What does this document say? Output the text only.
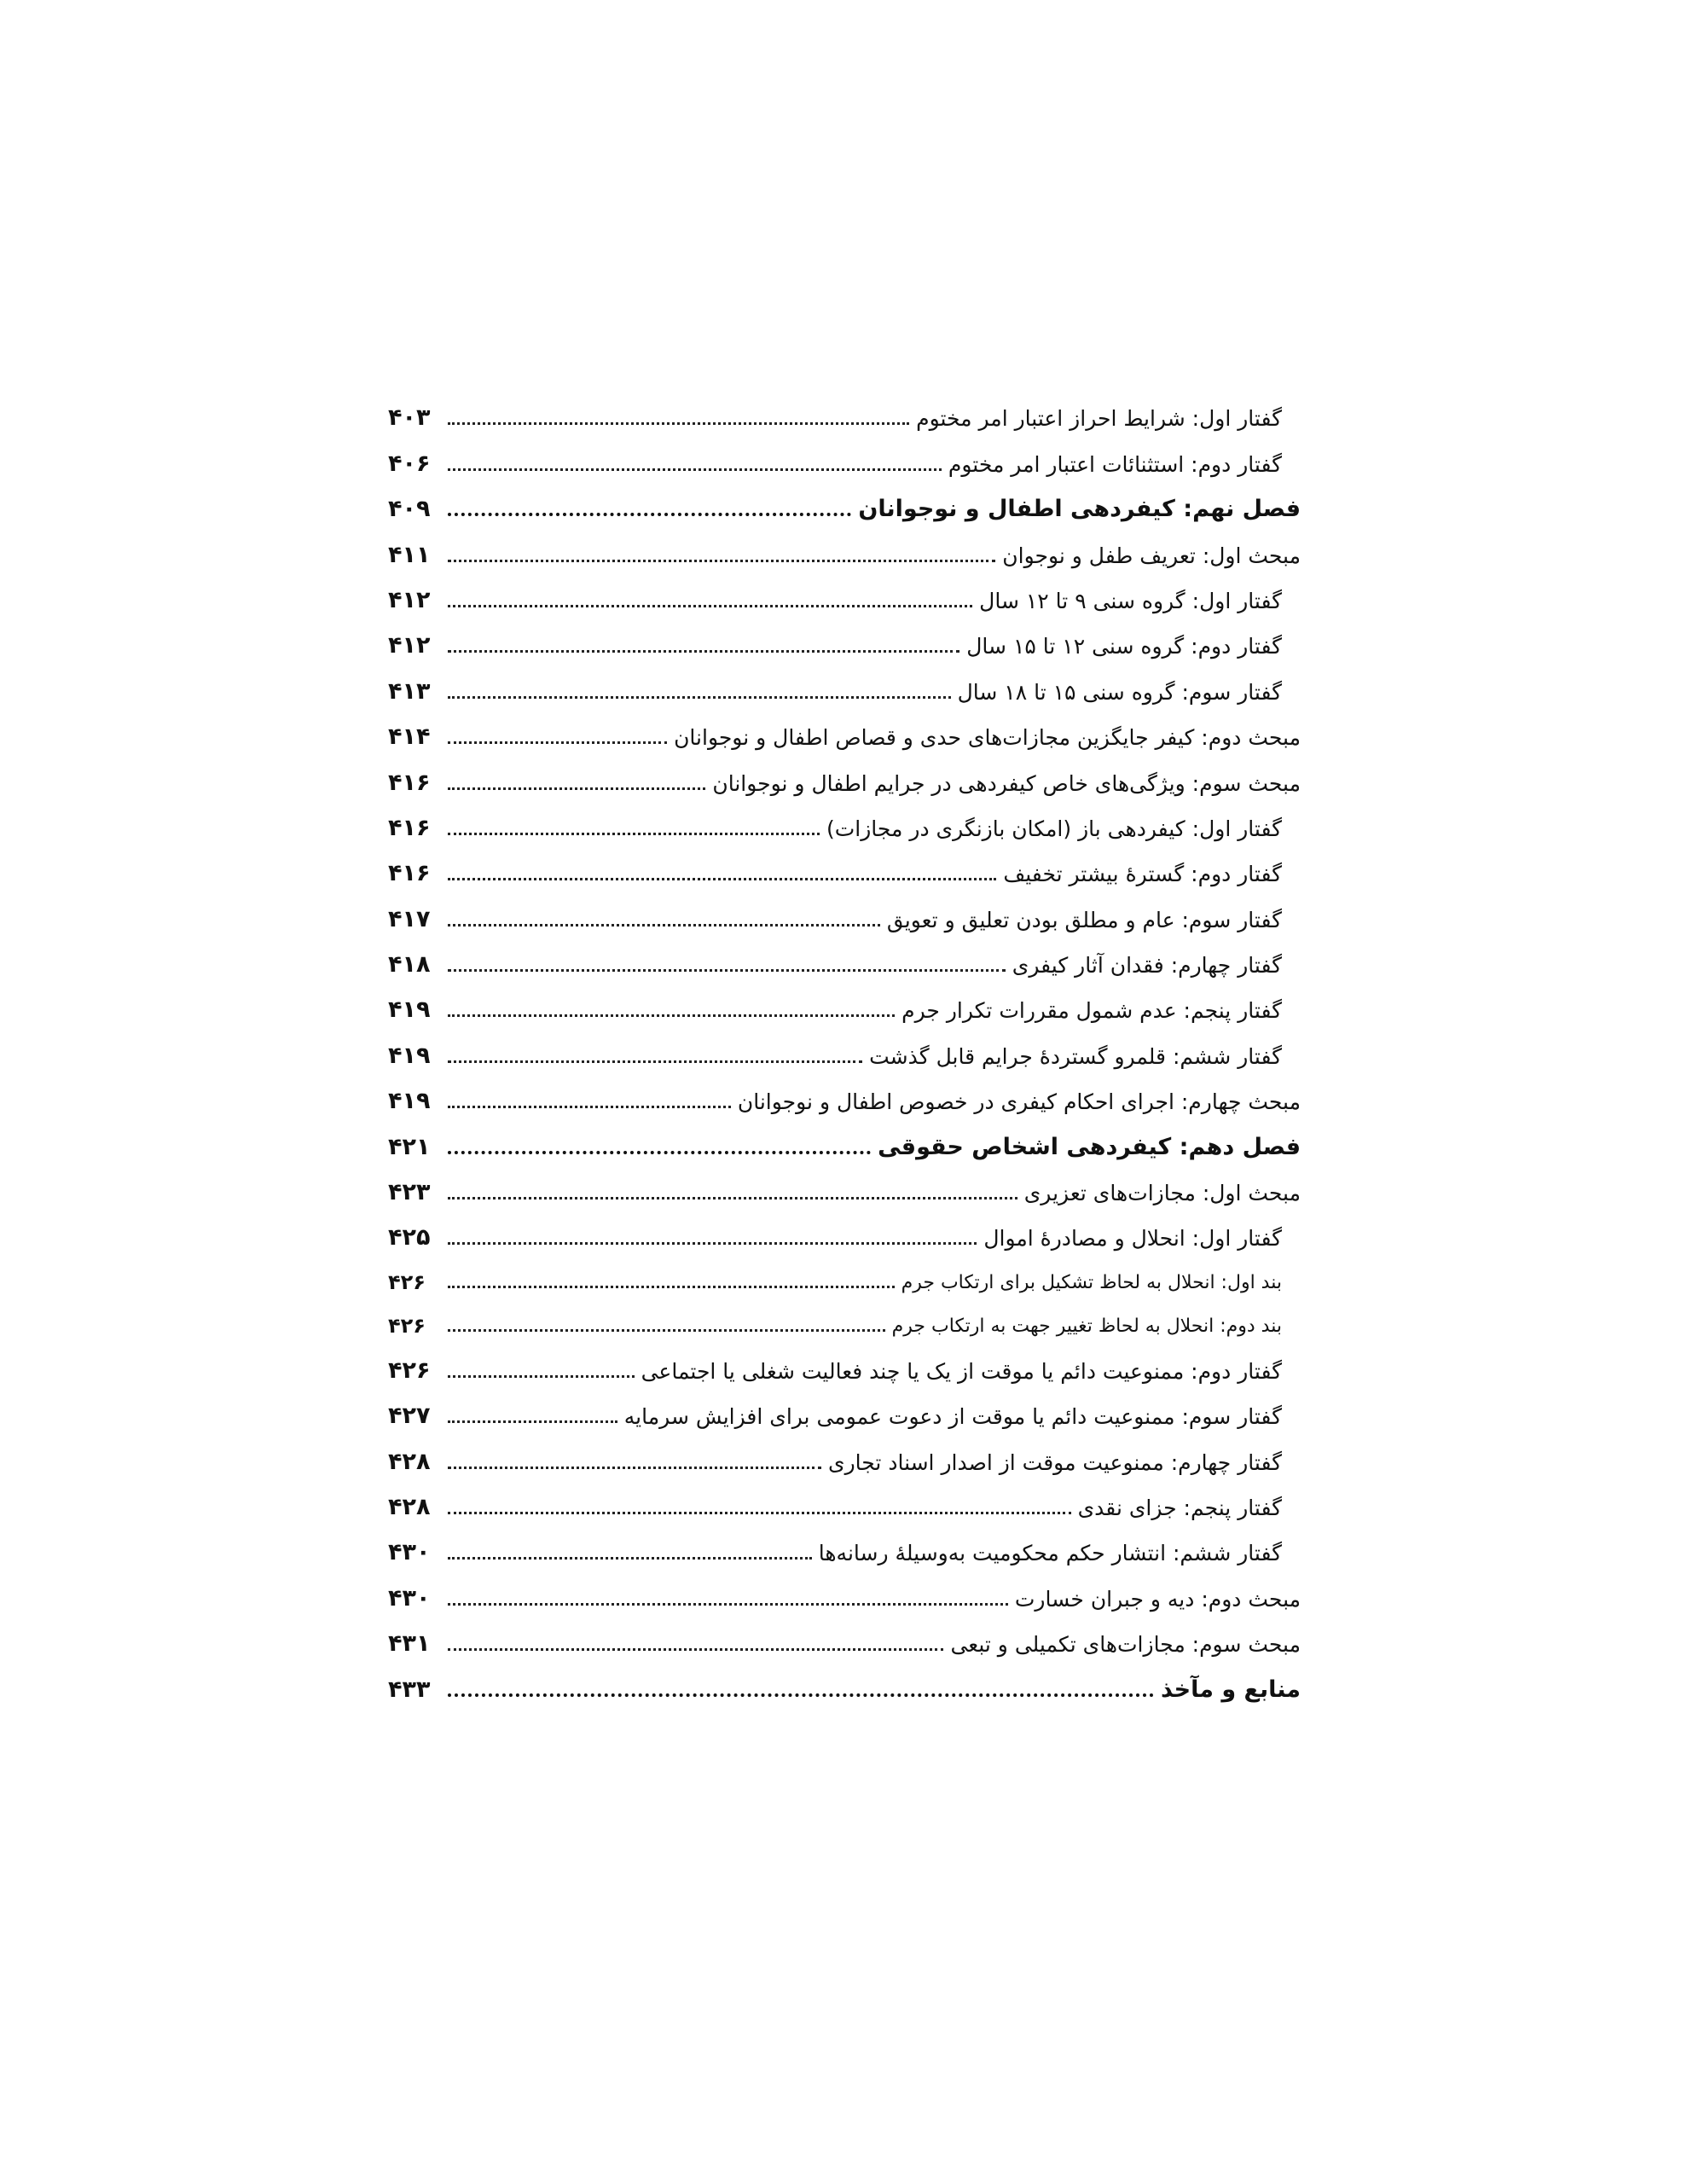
گفتار اول: شرایط احراز اعتبار امر مختوم
۴۰۳
گفتار دوم: استثنائات اعتبار امر مختوم
۴۰۶
فصل نهم: کیفردهی اطفال و نوجوانان
۴۰۹
مبحث اول: تعریف طفل و نوجوان
۴۱۱
گفتار اول: گروه سنی ۹ تا ۱۲ سال
۴۱۲
گفتار دوم: گروه سنی ۱۲ تا ۱۵ سال
۴۱۲
گفتار سوم: گروه سنی ۱۵ تا ۱۸ سال
۴۱۳
مبحث دوم: کیفر جایگزین مجازات‌های حدی و قصاص اطفال و نوجوانان
۴۱۴
مبحث سوم: ویژگی‌های خاص کیفردهی در جرایم اطفال و نوجوانان
۴۱۶
گفتار اول: کیفردهی باز (امکان بازنگری در مجازات)
۴۱۶
گفتار دوم: گسترهٔ بیشتر تخفیف
۴۱۶
گفتار سوم: عام و مطلق بودن تعلیق و تعویق
۴۱۷
گفتار چهارم: فقدان آثار کیفری
۴۱۸
گفتار پنجم: عدم شمول مقررات تکرار جرم
۴۱۹
گفتار ششم: قلمرو گستردهٔ جرایم قابل گذشت
۴۱۹
مبحث چهارم: اجرای احکام کیفری در خصوص اطفال و نوجوانان
۴۱۹
فصل دهم: کیفردهی اشخاص حقوقی
۴۲۱
مبحث اول: مجازات‌های تعزیری
۴۲۳
گفتار اول: انحلال و مصادرهٔ اموال
۴۲۵
بند اول: انحلال به لحاظ تشکیل برای ارتکاب جرم
۴۲۶
بند دوم: انحلال به لحاظ تغییر جهت به ارتکاب جرم
۴۲۶
گفتار دوم: ممنوعیت دائم یا موقت از یک یا چند فعالیت شغلی یا اجتماعی
۴۲۶
گفتار سوم: ممنوعیت دائم یا موقت از دعوت عمومی برای افزایش سرمایه
۴۲۷
گفتار چهارم: ممنوعیت موقت از اصدار اسناد تجاری
۴۲۸
گفتار پنجم: جزای نقدی
۴۲۸
گفتار ششم: انتشار حکم محکومیت به‌وسیلهٔ رسانه‌ها
۴۳۰
مبحث دوم: دیه و جبران خسارت
۴۳۰
مبحث سوم: مجازات‌های تکمیلی و تبعی
۴۳۱
منابع و مآخذ
۴۳۳
